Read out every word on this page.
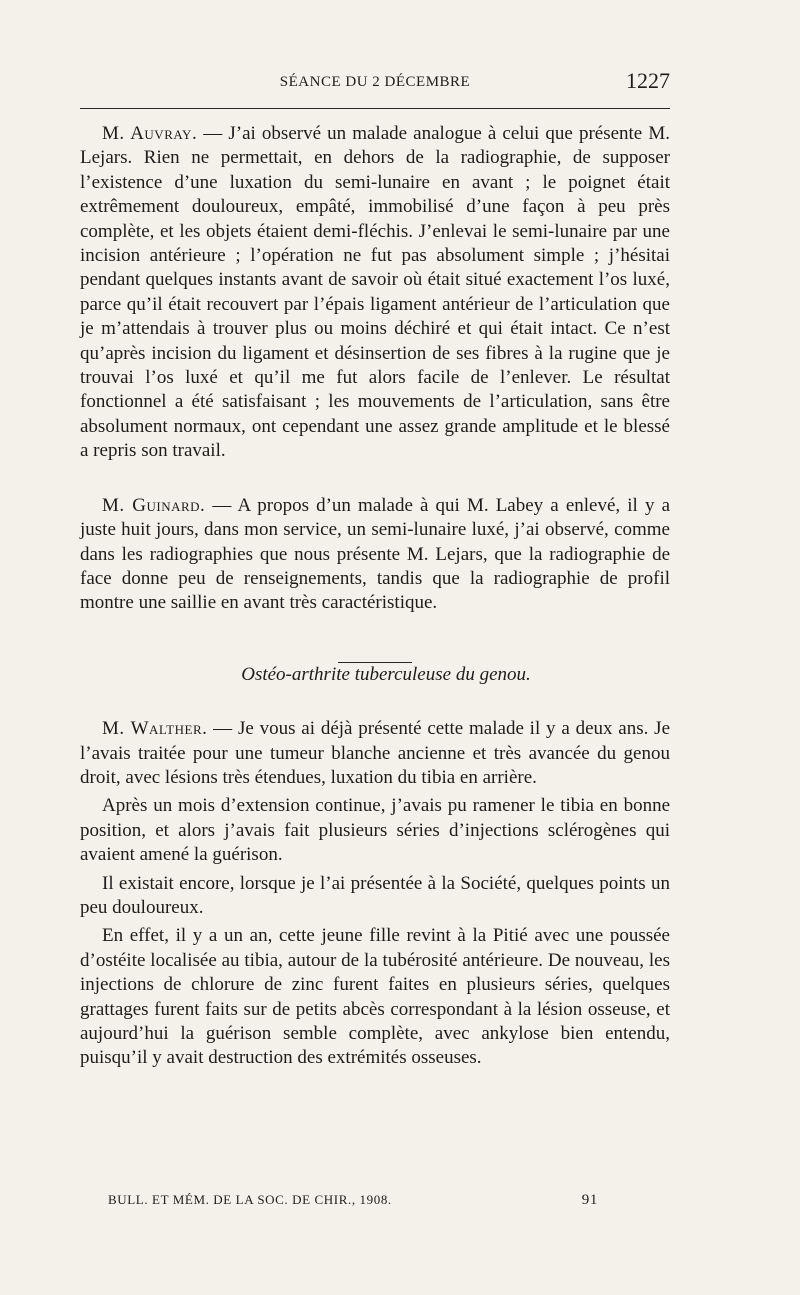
SÉANCE DU 2 DÉCEMBRE	1227

M. Auvray. — J’ai observé un malade analogue à celui que présente M. Lejars. Rien ne permettait, en dehors de la radiographie, de supposer l’existence d’une luxation du semi-lunaire en avant ; le poignet était extrêmement douloureux, empâté, immobilisé d’une façon à peu près complète, et les objets étaient demi-fléchis. J’enlevai le semi-lunaire par une incision antérieure ; l’opération ne fut pas absolument simple ; j’hésitai pendant quelques instants avant de savoir où était situé exactement l’os luxé, parce qu’il était recouvert par l’épais ligament antérieur de l’articulation que je m’attendais à trouver plus ou moins déchiré et qui était intact. Ce n’est qu’après incision du ligament et désinsertion de ses fibres à la rugine que je trouvai l’os luxé et qu’il me fut alors facile de l’enlever. Le résultat fonctionnel a été satisfaisant ; les mouvements de l’articulation, sans être absolument normaux, ont cependant une assez grande amplitude et le blessé a repris son travail.

M. Guinard. — A propos d’un malade à qui M. Labey a enlevé, il y a juste huit jours, dans mon service, un semi-lunaire luxé, j’ai observé, comme dans les radiographies que nous présente M. Lejars, que la radiographie de face donne peu de renseignements, tandis que la radiographie de profil montre une saillie en avant très caractéristique.

Ostéo-arthrite tuberculeuse du genou.

M. Walther. — Je vous ai déjà présenté cette malade il y a deux ans. Je l’avais traitée pour une tumeur blanche ancienne et très avancée du genou droit, avec lésions très étendues, luxation du tibia en arrière.

Après un mois d’extension continue, j’avais pu ramener le tibia en bonne position, et alors j’avais fait plusieurs séries d’injections sclérogènes qui avaient amené la guérison.

Il existait encore, lorsque je l’ai présentée à la Société, quelques points un peu douloureux.

En effet, il y a un an, cette jeune fille revint à la Pitié avec une poussée d’ostéite localisée au tibia, autour de la tubérosité antérieure. De nouveau, les injections de chlorure de zinc furent faites en plusieurs séries, quelques grattages furent faits sur de petits abcès correspondant à la lésion osseuse, et aujourd’hui la guérison semble complète, avec ankylose bien entendu, puisqu’il y avait destruction des extrémités osseuses.

BULL. ET MÉM. DE LA SOC. DE CHIR., 1908.	91
